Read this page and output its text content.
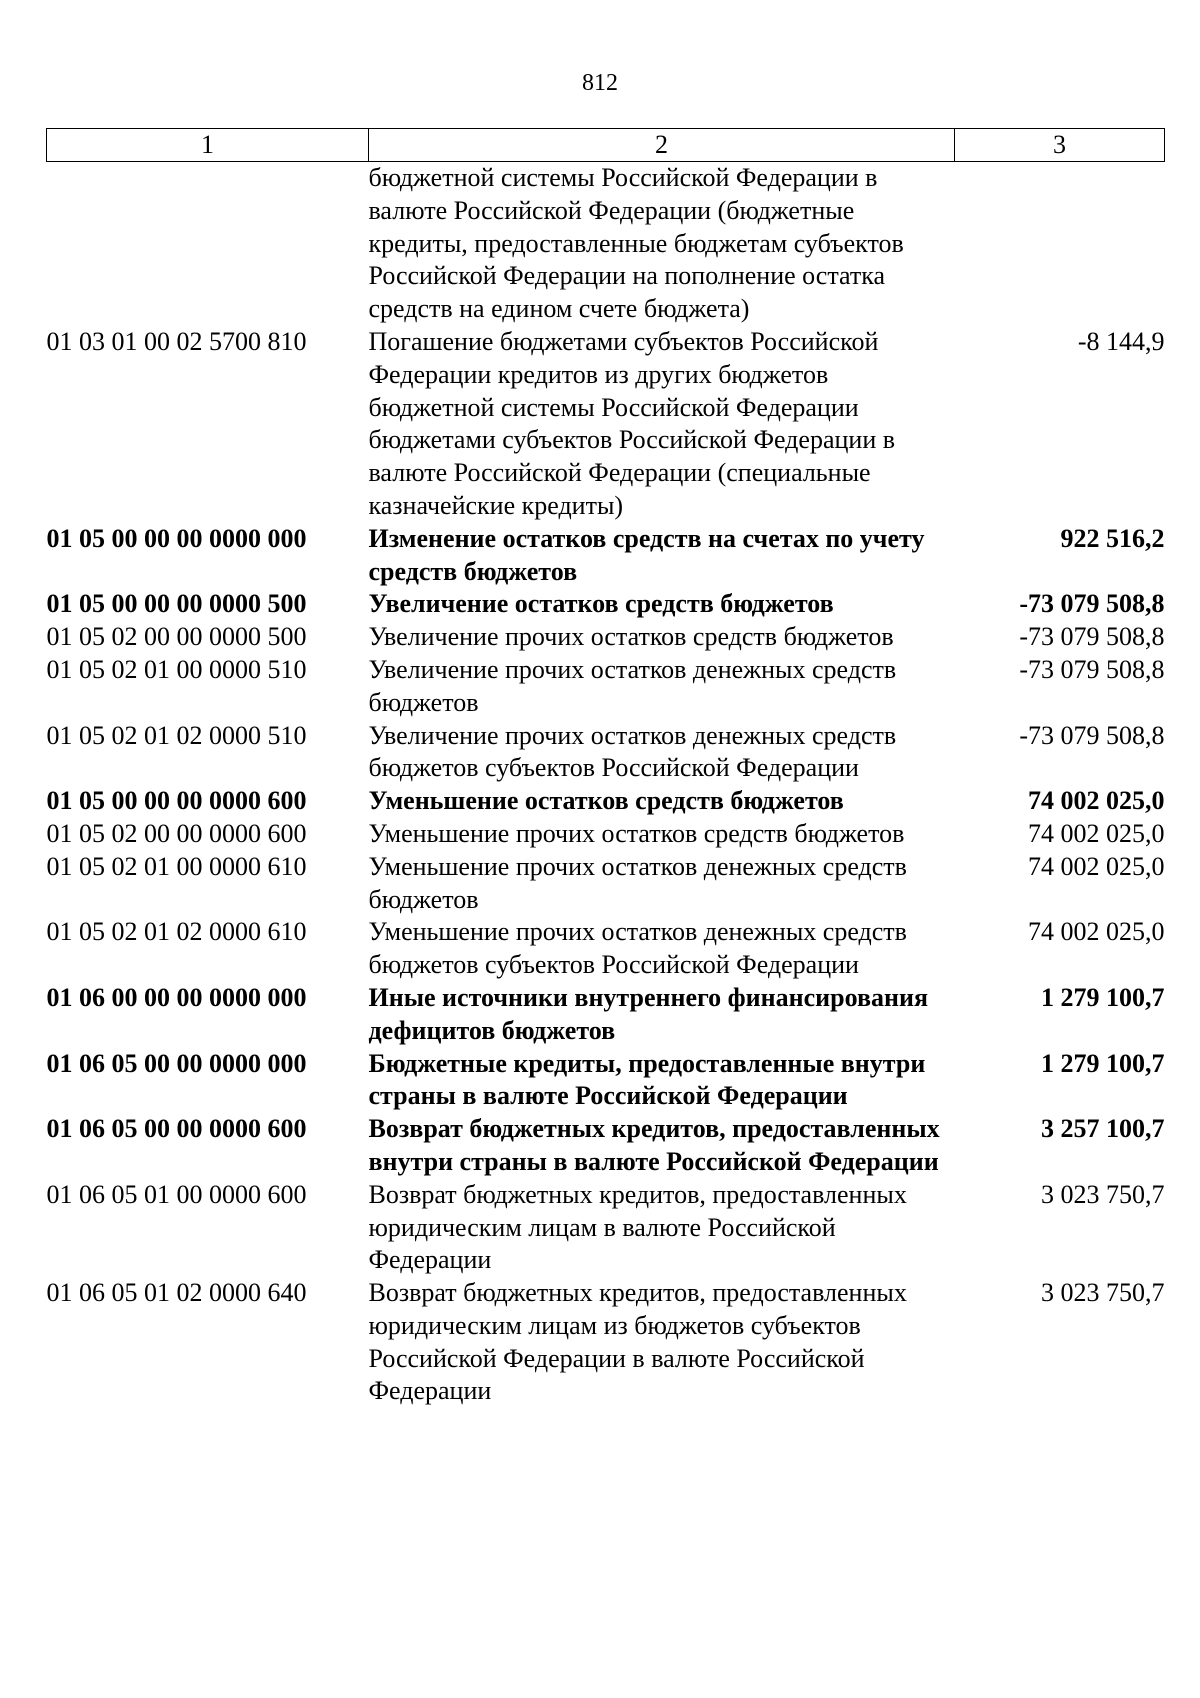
812
1	2	3
	бюджетной системы Российской Федерации в валюте Российской Федерации (бюджетные кредиты, предоставленные бюджетам субъектов Российской Федерации на пополнение остатка средств на едином счете бюджета)	
01 03 01 00 02 5700 810	Погашение бюджетами субъектов Российской Федерации кредитов из других бюджетов бюджетной системы Российской Федерации бюджетами субъектов Российской Федерации в валюте Российской Федерации (специальные казначейские кредиты)	-8 144,9
01 05 00 00 00 0000 000	Изменение остатков средств на счетах по учету средств бюджетов	922 516,2
01 05 00 00 00 0000 500	Увеличение остатков средств бюджетов	-73 079 508,8
01 05 02 00 00 0000 500	Увеличение прочих остатков средств бюджетов	-73 079 508,8
01 05 02 01 00 0000 510	Увеличение прочих остатков денежных средств бюджетов	-73 079 508,8
01 05 02 01 02 0000 510	Увеличение прочих остатков денежных средств бюджетов субъектов Российской Федерации	-73 079 508,8
01 05 00 00 00 0000 600	Уменьшение остатков средств бюджетов	74 002 025,0
01 05 02 00 00 0000 600	Уменьшение прочих остатков средств бюджетов	74 002 025,0
01 05 02 01 00 0000 610	Уменьшение прочих остатков денежных средств бюджетов	74 002 025,0
01 05 02 01 02 0000 610	Уменьшение прочих остатков денежных средств бюджетов субъектов Российской Федерации	74 002 025,0
01 06 00 00 00 0000 000	Иные источники внутреннего финансирования дефицитов бюджетов	1 279 100,7
01 06 05 00 00 0000 000	Бюджетные кредиты, предоставленные внутри страны в валюте Российской Федерации	1 279 100,7
01 06 05 00 00 0000 600	Возврат бюджетных кредитов, предоставленных внутри страны в валюте Российской Федерации	3 257 100,7
01 06 05 01 00 0000 600	Возврат бюджетных кредитов, предоставленных юридическим лицам в валюте Российской Федерации	3 023 750,7
01 06 05 01 02 0000 640	Возврат бюджетных кредитов, предоставленных юридическим лицам из бюджетов субъектов Российской Федерации в валюте Российской Федерации	3 023 750,7
